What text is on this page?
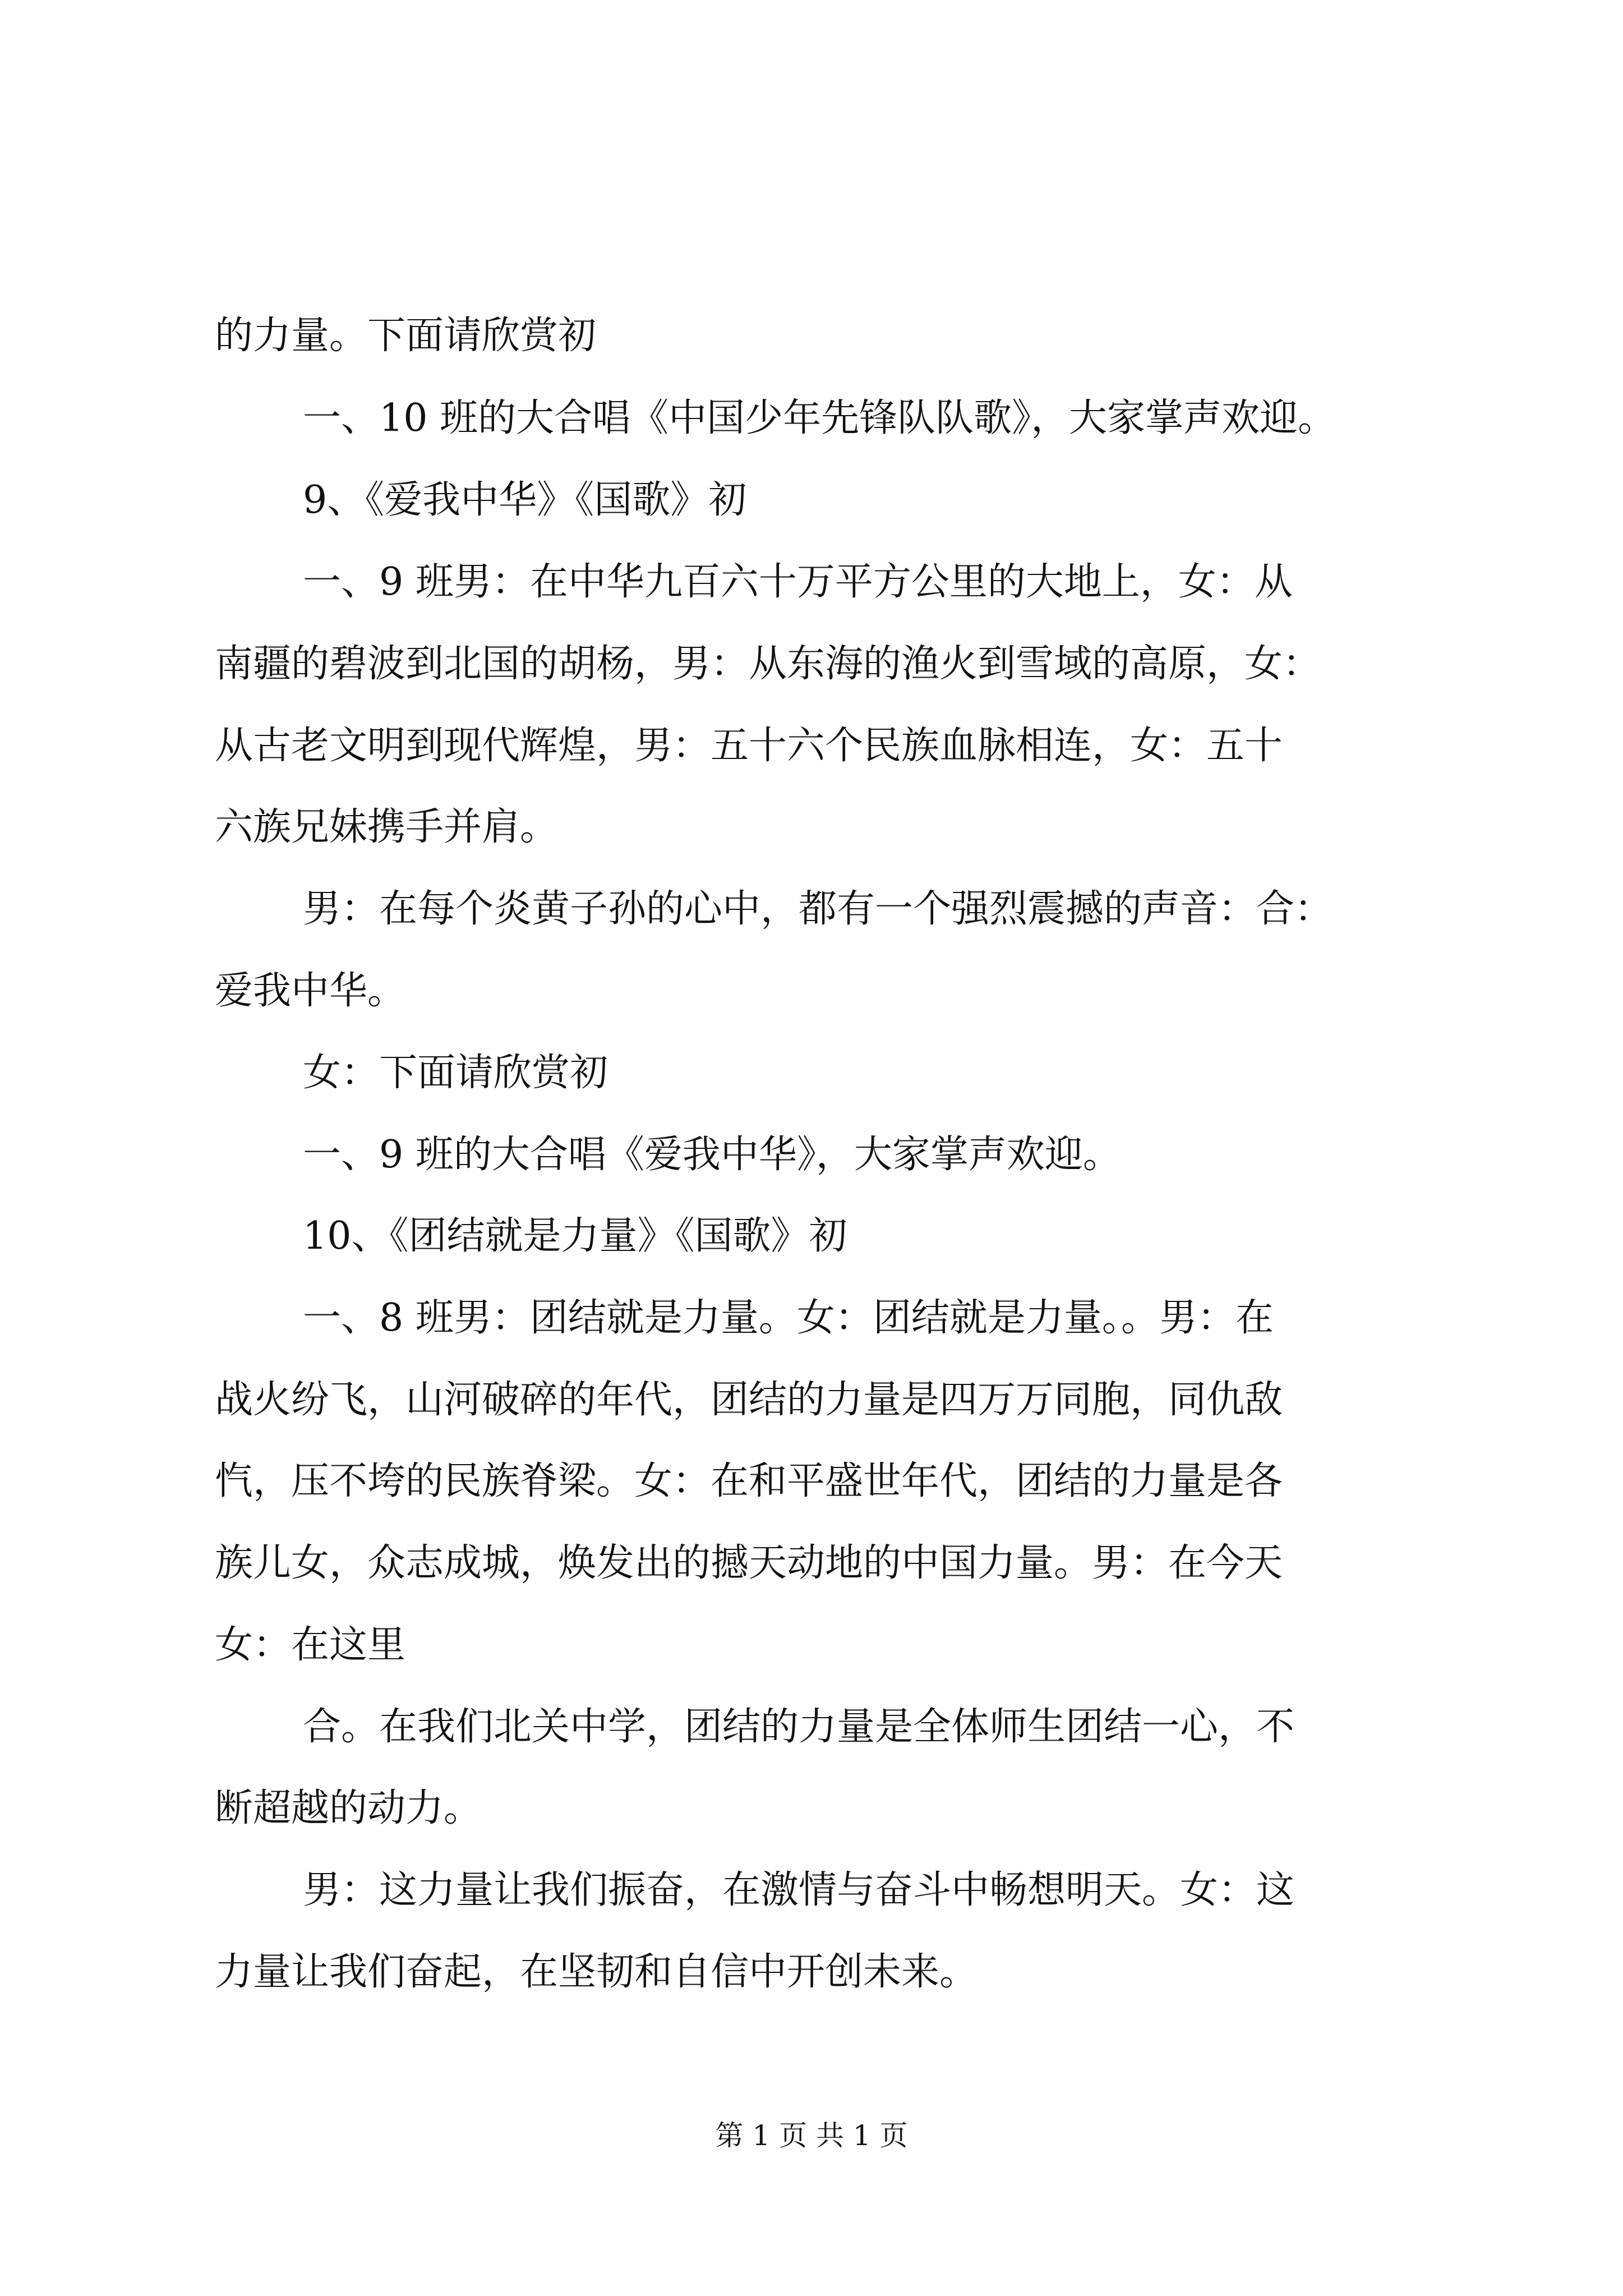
的力量。下面请欣赏初
一、10 班的大合唱《中国少年先锋队队歌》，大家掌声欢迎。
9、《爱我中华》《国歌》初
一、9 班男：在中华九百六十万平方公里的大地上，女：从
南疆的碧波到北国的胡杨，男：从东海的渔火到雪域的高原，女：
从古老文明到现代辉煌，男：五十六个民族血脉相连，女：五十
六族兄妹携手并肩。
男：在每个炎黄子孙的心中，都有一个强烈震撼的声音：合：
爱我中华。
女：下面请欣赏初
一、9 班的大合唱《爱我中华》，大家掌声欢迎。
10、《团结就是力量》《国歌》初
一、8 班男：团结就是力量。女：团结就是力量。。男：在
战火纷飞，山河破碎的年代，团结的力量是四万万同胞，同仇敌
忾，压不垮的民族脊梁。女：在和平盛世年代，团结的力量是各
族儿女，众志成城，焕发出的撼天动地的中国力量。男：在今天
女：在这里
合。在我们北关中学，团结的力量是全体师生团结一心，不
断超越的动力。
男：这力量让我们振奋，在激情与奋斗中畅想明天。女：这
力量让我们奋起，在坚韧和自信中开创未来。
第 1 页 共 1 页
